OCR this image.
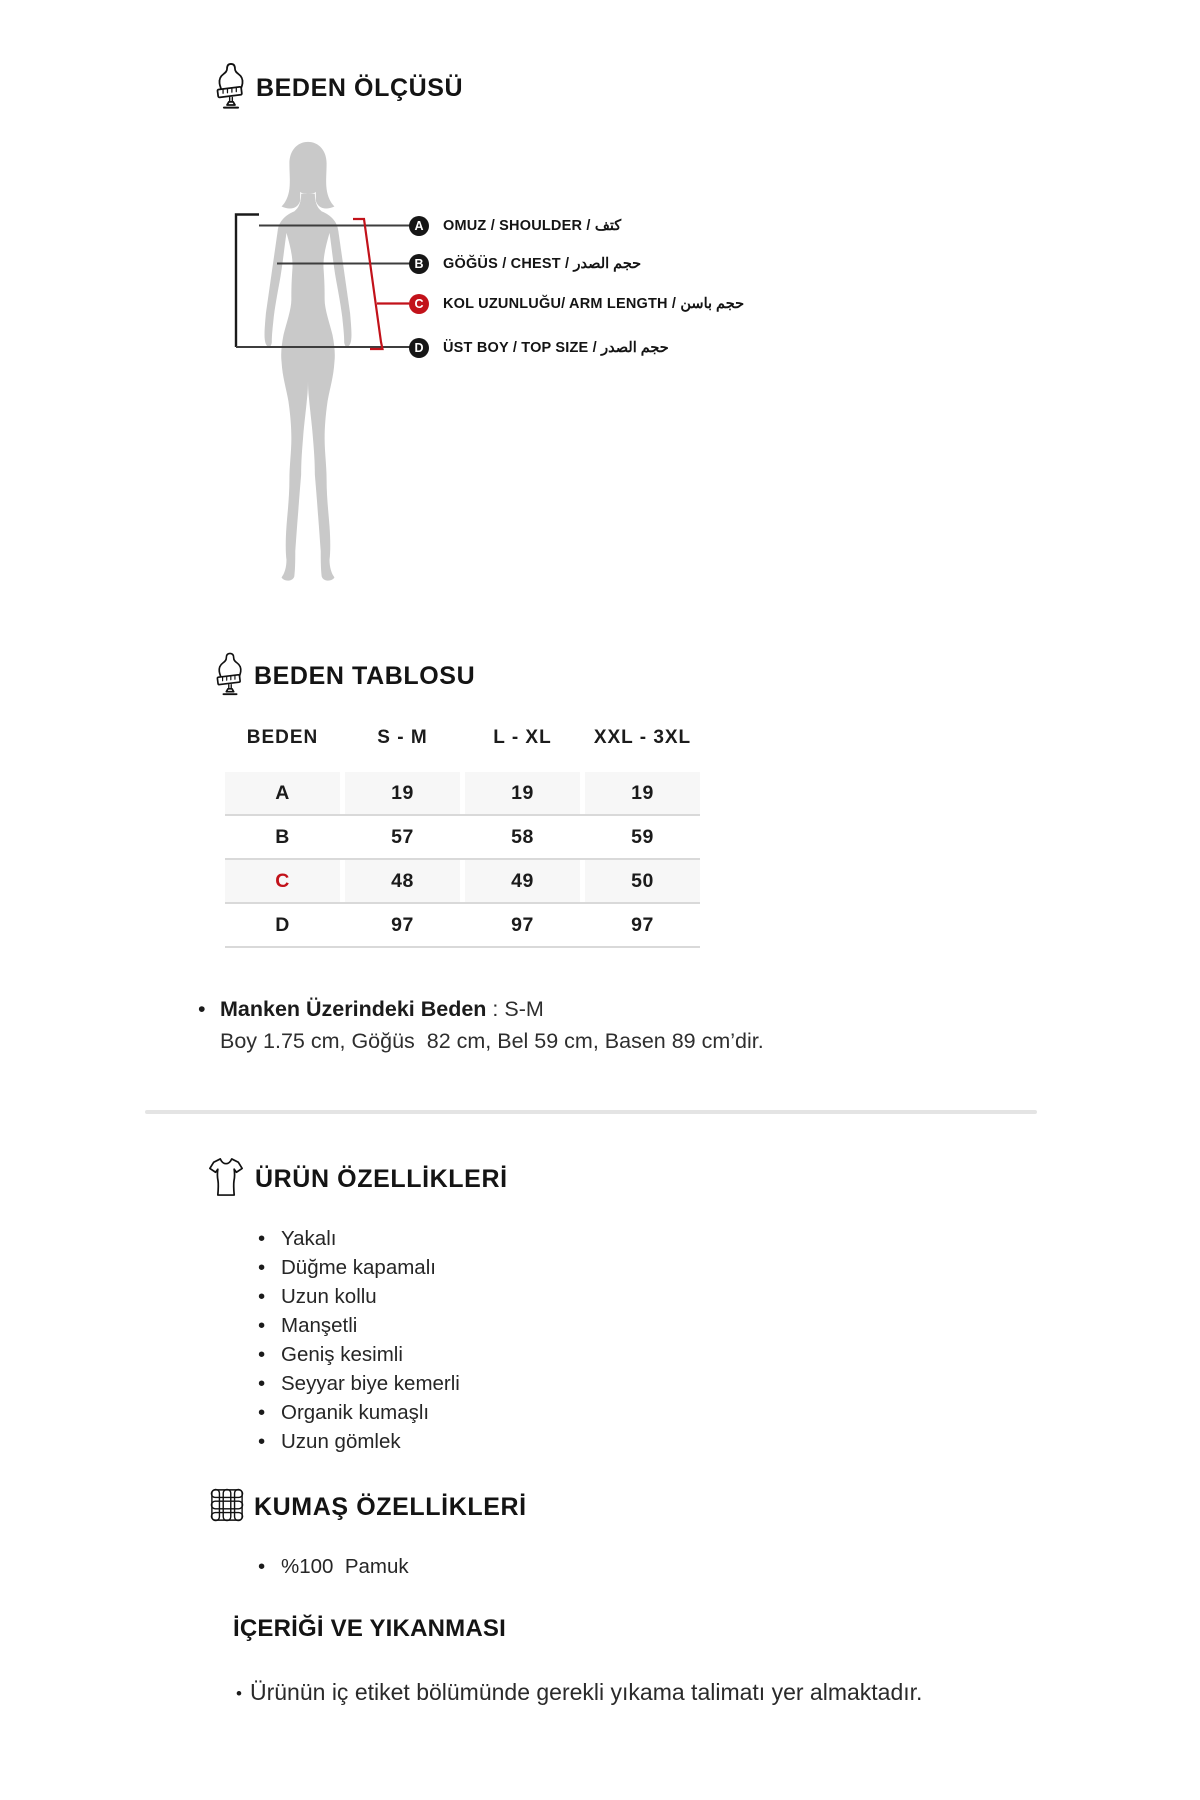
BEDEN ÖLÇÜSÜ
A	OMUZ / SHOULDER / كتف
B	GÖĞÜS / CHEST / حجم الصدر
C	KOL UZUNLUĞU/ ARM LENGTH / حجم باسن
D	ÜST BOY / TOP SIZE / حجم الصدر
BEDEN TABLOSU
BEDEN	S - M	L - XL	XXL - 3XL
A	19	19	19
B	57	58	59
C	48	49	50
D	97	97	97
• Manken Üzerindeki Beden : S-M
Boy 1.75 cm, Göğüs  82 cm, Bel 59 cm, Basen 89 cm’dir.
ÜRÜN ÖZELLİKLERİ
• Yakalı
• Düğme kapamalı
• Uzun kollu
• Manşetli
• Geniş kesimli
• Seyyar biye kemerli
• Organik kumaşlı
• Uzun gömlek
KUMAŞ ÖZELLİKLERİ
• %100  Pamuk
İÇERİĞİ VE YIKANMASI
• Ürünün iç etiket bölümünde gerekli yıkama talimatı yer almaktadır.
